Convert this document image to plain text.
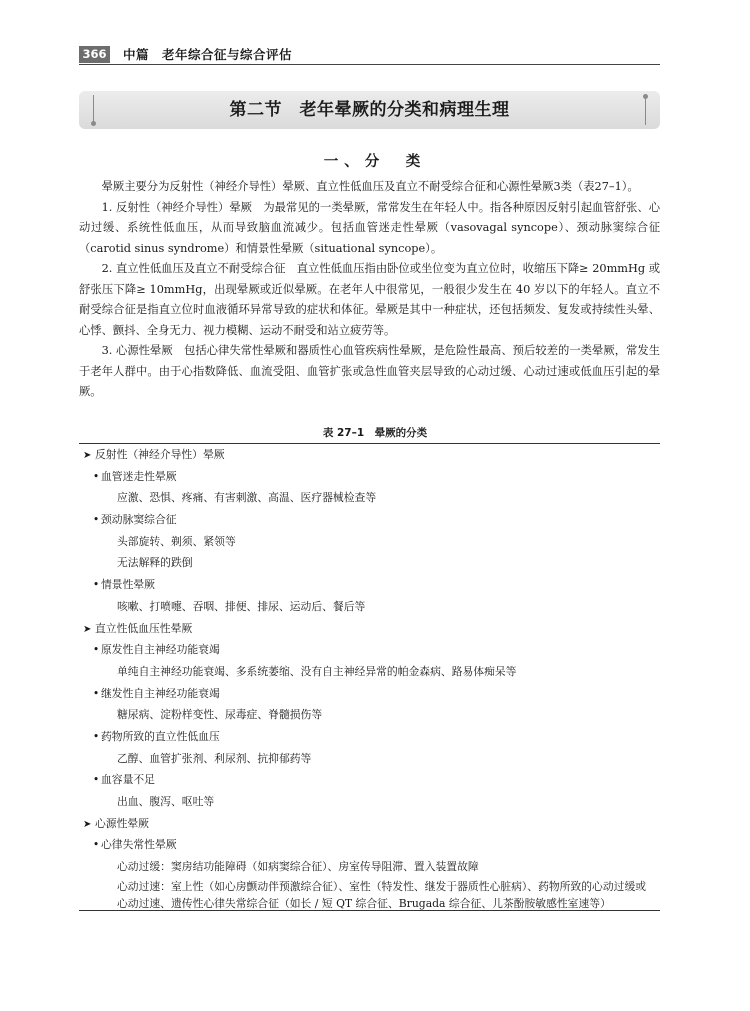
366 中篇　老年综合征与综合评估
第二节　老年晕厥的分类和病理生理
一、分　类

晕厥主要分为反射性（神经介导性）晕厥、直立性低血压及直立不耐受综合征和心源性晕厥3类（表27–1）。

1. 反射性（神经介导性）晕厥　为最常见的一类晕厥，常常发生在年轻人中。指各种原因反射引起血管舒张、心动过缓、系统性低血压，从而导致脑血流减少。包括血管迷走性晕厥（vasovagal syncope）、颈动脉窦综合征（carotid sinus syndrome）和情景性晕厥（situational syncope）。

2. 直立性低血压及直立不耐受综合征　直立性低血压指由卧位或坐位变为直立位时，收缩压下降≥ 20mmHg 或舒张压下降≥ 10mmHg，出现晕厥或近似晕厥。在老年人中很常见，一般很少发生在 40 岁以下的年轻人。直立不耐受综合征是指直立位时血液循环异常导致的症状和体征。晕厥是其中一种症状，还包括频发、复发或持续性头晕、心悸、颤抖、全身无力、视力模糊、运动不耐受和站立疲劳等。

3. 心源性晕厥　包括心律失常性晕厥和器质性心血管疾病性晕厥，是危险性最高、预后较差的一类晕厥，常发生于老年人群中。由于心指数降低、血流受阻、血管扩张或急性血管夹层导致的心动过缓、心动过速或低血压引起的晕厥。

表 27–1　晕厥的分类
➤ 反射性（神经介导性）晕厥
• 血管迷走性晕厥
应激、恐惧、疼痛、有害刺激、高温、医疗器械检查等
• 颈动脉窦综合征
头部旋转、剃须、紧领等
无法解释的跌倒
• 情景性晕厥
咳嗽、打喷嚏、吞咽、排便、排尿、运动后、餐后等
➤ 直立性低血压性晕厥
• 原发性自主神经功能衰竭
单纯自主神经功能衰竭、多系统萎缩、没有自主神经异常的帕金森病、路易体痴呆等
• 继发性自主神经功能衰竭
糖尿病、淀粉样变性、尿毒症、脊髓损伤等
• 药物所致的直立性低血压
乙醇、血管扩张剂、利尿剂、抗抑郁药等
• 血容量不足
出血、腹泻、呕吐等
➤ 心源性晕厥
• 心律失常性晕厥
心动过缓：窦房结功能障碍（如病窦综合征）、房室传导阻滞、置入装置故障
心动过速：室上性（如心房颤动伴预激综合征）、室性（特发性、继发于器质性心脏病）、药物所致的心动过缓或
心动过速、遗传性心律失常综合征（如长 / 短 QT 综合征、Brugada 综合征、儿茶酚胺敏感性室速等）
